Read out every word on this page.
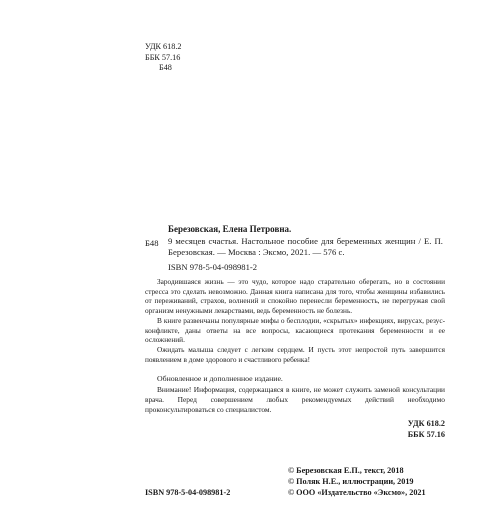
УДК 618.2
ББК 57.16
Б48
Березовская, Елена Петровна.
Б48 9 месяцев счастья. Настольное пособие для беременных женщин / Е. П. Березовская. — Москва : Эксмо, 2021. — 576 с.
ISBN 978-5-04-098981-2

Зародившаяся жизнь — это чудо, которое надо старательно оберегать, но в состоянии стресса это сделать невозможно. Данная книга написана для того, чтобы женщины избавились от переживаний, страхов, волнений и спокойно перенесли беременность, не перегружая свой организм ненужными лекарствами, ведь беременность не болезнь.

В книге развенчаны популярные мифы о бесплодии, «скрытых» инфекциях, вирусах, резус-конфликте, даны ответы на все вопросы, касающиеся протекания беременности и ее осложнений.

Ожидать малыша следует с легким сердцем. И пусть этот непростой путь завершится появлением в доме здорового и счастливого ребенка!

Обновленное и дополненное издание.

Внимание! Информация, содержащаяся в книге, не может служить заменой консультации врача. Перед совершением любых рекомендуемых действий необходимо проконсультироваться со специалистом.

УДК 618.2
ББК 57.16
ISBN 978-5-04-098981-2
© Березовская Е.П., текст, 2018
© Поляк Н.Е., иллюстрации, 2019
© ООО «Издательство «Эксмо», 2021
